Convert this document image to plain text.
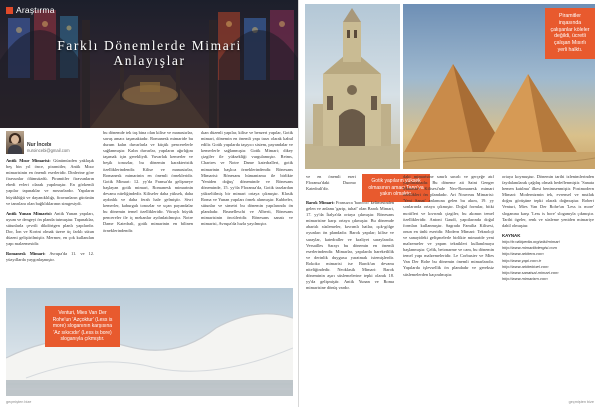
Araştırma
Farklı Dönemlerde Mimari
Anlayışlar
Nur İncebı
nuroincebi@gmail.com

Antik Mısır Mimarisi: Günümüzden yaklaşık beş bin yıl önce, piramitler, Antik Mısır mimarisinin en önemli eserleridir. Dinlerine göre firavunlar ölümsüzdü. Piramitler firavunların ebedi evleri olarak yapılmıştır. En görkemli yapılar tapınaklar ve mezarlardır. Yapıların büyüklüğü ve dayanıklılığı, firavunların gücünün ve tanrılara olan bağlılıklarının simgesiydi.

Antik Yunan Mimarisi: Antik Yunan yapıları, uyum ve dengeyi ön planda tutmuştur. Tapınaklar, sütunlarla çevrili dikdörtgen planlı yapılardır. Dor, İon ve Korint olmak üzere üç farklı sütun düzeni geliştirilmiştir. Mermer, en çok kullanılan yapı malzemesidir.

Romanesk Mimari: Avrupa'da 11. ve 12. yüzyıllarda yaygınlaşmıştır.

bu dönemde tek taş bina olan kilise ve manastırlar, savaş amacı taşımaktadır. Romanesk mimaride bu durum kalın duvarlarla ve küçük pencerelerle sağlanmıştır. Kalın duvarlar, yapıların ağırlığını taşımak için gerekliydi. Yuvarlak kemerler ve beşik tonozlar, bu dönemin karakteristik özelliklerindendir. Kilise ve manastırlar, Romanesk mimarinin en önemli örnekleridir. Gotik Mimari: 12. yy'da Fransa'da gelişmeye başlayan gotik mimari, Romanesk mimarinin devamı niteliğindedir. Kiliseler daha yüksek, daha aydınlık ve daha ferah hale gelmiştir. Sivri kemerler, kaburgalı tonozlar ve uçan payandalar bu dönemin temel özellikleridir. Vitraylı büyük pencereler ile iç mekanlar aydınlatılmıştır. Notre Dame Katedrali, gotik mimarinin en bilinen örneklerindendir.

ıkan düzenli yapılar, kilise ve benzeri yapılar, Gotik mimari, dönemin en önemli yapı tarzı olarak kabul edilir. Gotik yapılarda taşıyıcı sistem, payandalar ve kemerlerle sağlanmıştır. Gotik Mimari; dikey çizgiler ile yüksekliği vurgulamıştır. Reims, Chartres ve Notre Dame katedralleri, gotik mimarinin başlıca örneklerindendir. Rönesans Mimarisi: Rönesans hümanizma ile birlikte 'Yeniden doğuş' döneminde ve Rönesans döneminde, 15. yy'da Floransa'da, Gotik tarzlardan yükseltilmiş bir mimari ortaya çıkmıştır. Klasik Roma ve Yunan yapıları örnek alınmıştır. Kubbeler, sütunlar ve simetri bu dönemin yapılarında ön plandadır. Brunelleschi ve Alberti, Rönesans mimarisinin öncüleridir. Rönesans sanatı ve mimarisi, Avrupa'da hızla yayılmıştır.

Venturi, Mies Van Der Rohe'un 'Azçoktur' (Less is more) sloganının karşısına 'Az sıkıcıdır' (Less is bore) sloganıyla çıkmıştır.
geçmişten bize
Piramitler inşasında çalışanlar köleler değildi, ücretli çalışan Mısırlı yerli halktı.
Gotik yapıların yüksek olmasının amacı Tanrı'ya yakın olmaktır.

ve en önemli eseri Floransa'daki Duomo Katedrali'dir.

Barok Mimari: Fransızca 'barocco' kelimesinden gelen ve anlamı 'garip, tuhaf' olan Barok Mimari, 17. yy'da İtalya'da ortaya çıkmıştır. Rönesans mimarisine karşı ortaya çıkmıştır. Bu dönemde abartılı süslemeler, kıvrımlı hatlar, ışık-gölge oyunları ön plandadır. Barok yapılar; kilise ve saraylar, katedraller ve kraliyet saraylarıdır. Versailles Sarayı bu dönemin en önemli eserlerindendir. Mimarlar, yapılarda hareketlilik ve derinlik duygusu yaratmak istemişlerdir. Rokoko mimarisi ise Barok'un devamı niteliğindedir. Neoklasik Mimari: Barok döneminin aşırı süslemelerine tepki olarak 18. yy'da gelişmiştir. Antik Yunan ve Roma mimarisine dönüş vardır.

daki mimarisine sınırlı sınırlı ve gerçeğe atıf yapılmaktadır. Bu döneme ait Saint Genger Manastırı Kilisesi'nde Neo-Romanesk mimari özellikleri ön plandadır. Art Nouveau Mimarisi: 'Yeni Sanat' anlamına gelen bu akım, 19. yy sonlarında ortaya çıkmıştır. Doğal formlar, bitki motifleri ve kıvrımlı çizgiler, bu akımın temel özellikleridir. Antoni Gaudí, yapıtlarında doğal formları kullanmıştır. Sagrada Familia Kilisesi, onun en ünlü eseridir. Modern Mimari: Teknoloji ve sanayideki gelişmelerle birlikte mimaride yeni malzemeler ve yapım teknikleri kullanılmaya başlanmıştır. Çelik, betonarme ve cam, bu dönemin temel yapı malzemeleridir. Le Corbusier ve Mies Van Der Rohe bu dönemin önemli mimarlarıdır. Yapılarda işlevsellik ön plandadır ve gereksiz süslemelerden kaçınılmıştır.

ortaya koymuştur. Dönemin tarihi izlenimlerinden faydalanılarak çağdaş olmak hedeflenmiştir. 'Sanata hemen katılma' ilkesi benimsenmiştir. Postmodern Mimari: Modernizmin tek, evrensel ve mutlak doğru görüşüne tepki olarak doğmuştur. Robert Venturi, Mies Van Der Rohe'un 'Less is more' sloganına karşı 'Less is bore' sloganıyla çıkmıştır. Tarihi ögeler, renk ve süsleme yeniden mimariye dahil olmuştur.

KAYNAK
http://tr.wikipedia.org/wiki/mimari
http://www.mimarlikdergisi.com
http://www.arkitera.com
http://www.yapi.com.tr
http://www.arkitektuel.com
http://www.sanatsal-mimari.com
http://www.mimarizm.com
geçmişten bize
